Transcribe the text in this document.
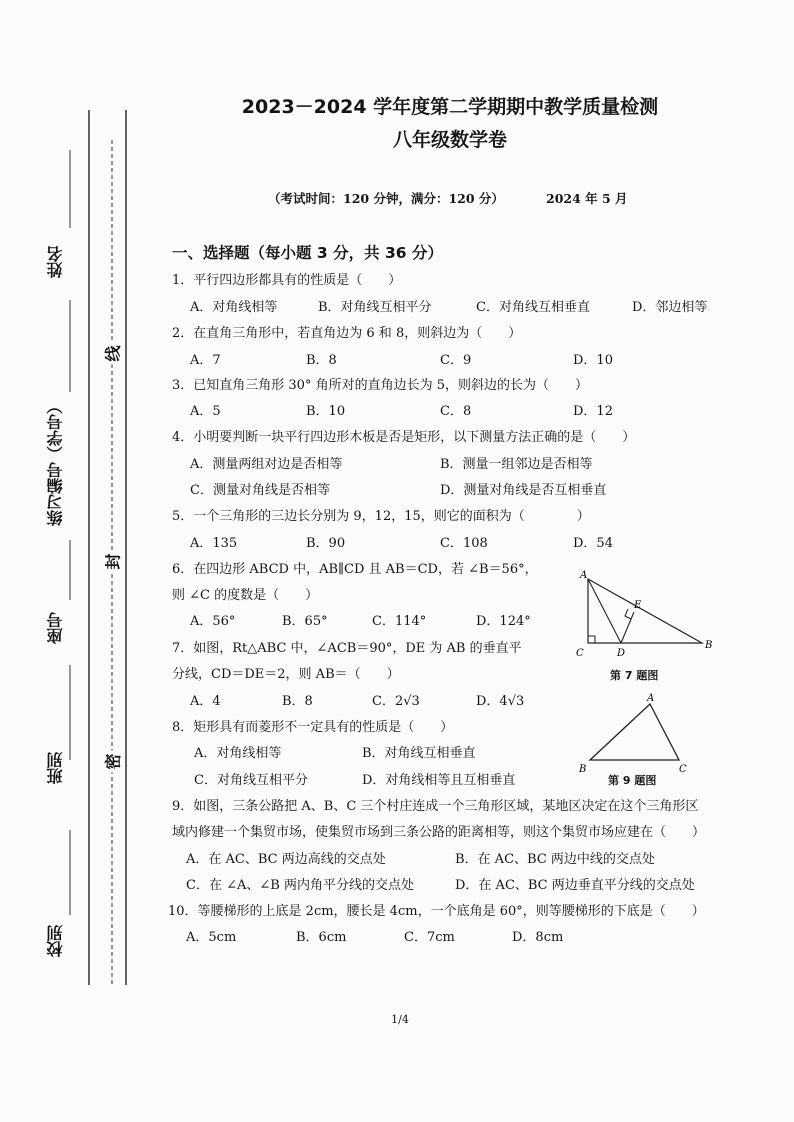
姓名
练习编号（学号）
座号
班别
校别
线
封
密
2023－2024 学年度第二学期期中教学质量检测
八年级数学卷
（考试时间：120 分钟，满分：120 分）	2024 年 5 月
一、选择题（每小题 3 分，共 36 分）
1．平行四边形都具有的性质是（　　）
A．对角线相等	B．对角线互相平分	C．对角线互相垂直	D．邻边相等
2．在直角三角形中，若直角边为 6 和 8，则斜边为（　　）
A．7	B．8	C．9	D．10
3．已知直角三角形 30° 角所对的直角边长为 5，则斜边的长为（　　）
A．5	B．10	C．8	D．12
4．小明要判断一块平行四边形木板是否是矩形，以下测量方法正确的是（　　）
A．测量两组对边是否相等	B．测量一组邻边是否相等
C．测量对角线是否相等	D．测量对角线是否互相垂直
5．一个三角形的三边长分别为 9，12，15，则它的面积为（　　　　）
A．135	B．90	C．108	D．54
6．在四边形 ABCD 中，AB∥CD 且 AB＝CD，若 ∠B＝56°，
则 ∠C 的度数是（　　）
A．56°	B．65°	C．114°	D．124°
7．如图，Rt△ABC 中，∠ACB＝90°，DE 为 AB 的垂直平
分线，CD＝DE＝2，则 AB＝（　　）
A．4	B．8	C．2√3	D．4√3
8．矩形具有而菱形不一定具有的性质是（　　）
A．对角线相等	B．对角线互相垂直
C．对角线互相平分	D．对角线相等且互相垂直
9．如图，三条公路把 A、B、C 三个村庄连成一个三角形区域，某地区决定在这个三角形区
域内修建一个集贸市场，使集贸市场到三条公路的距离相等，则这个集贸市场应建在（　　）
A．在 AC、BC 两边高线的交点处	B．在 AC、BC 两边中线的交点处
C．在 ∠A、∠B 两内角平分线的交点处	D．在 AC、BC 两边垂直平分线的交点处
10．等腰梯形的上底是 2cm，腰长是 4cm，一个底角是 60°，则等腰梯形的下底是（　　）
A．5cm	B．6cm	C．7cm	D．8cm
A
B
C	D
E
第 7 题图
A
B	C
第 9 题图
1/4
